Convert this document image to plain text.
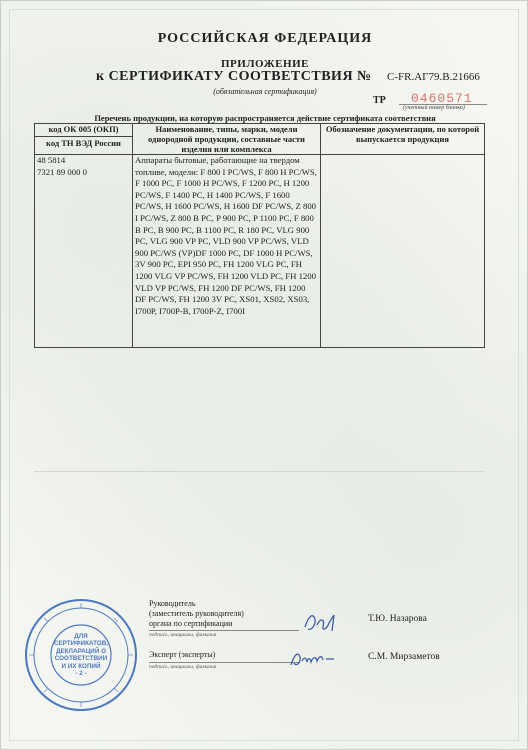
РОССИЙСКАЯ ФЕДЕРАЦИЯ
ПРИЛОЖЕНИЕ
к СЕРТИФИКАТУ СООТВЕТСТВИЯ № C-FR.АГ79.В.21666
(обязательная сертификация)
ТР 0460571
(учетный номер бланка)
Перечень продукции, на которую распространяется действие сертификата соответствия
код ОК 005 (ОКП)
код ТН ВЭД России	Наименование, типы, марки, модели однородной продукции, составные части изделия или комплекса	Обозначение документации, по которой выпускается продукция

48 5814
7321 89 000 0	Аппараты бытовые, работающие на твердом топливе, модели: F 800 I PC/WS, F 800 H PC/WS, F 1000 PC, F 1000 H PC/WS, F 1200 PC, H 1200 PC/WS, F 1400 PC, H 1400 PC/WS, F 1600 PC/WS, H 1600 PC/WS, H 1600 DF PC/WS, Z 800 I PC/WS, Z 800 B PC, P 900 PC, P 1100 PC, F 800 B PC, B 900 PC, B 1100 PC, R 180 PC, VLG 900 PC, VLG 900 VP PC, VLD 900 VP PC/WS, VLD 900 PC/WS (VP)DF 1000 PC, DF 1000 H PC/WS, 3V 900 PC, EPI 950 PC, FH 1200 VLG PC, FH 1200 VLG VP PC/WS, FH 1200 VLD PC, FH 1200 VLD VP PC/WS, FH 1200 DF PC/WS, FH 1200 DF PC/WS, FH 1200 3V PC, XS01, XS02, XS03, I700P, I700P-B, I700P-Z, I700I	
Руководитель
(заместитель руководителя)
органа по сертификации
подпись, инициалы, фамилия
Т.Ю. Назарова
Эксперт (эксперты)
подпись, инициалы, фамилия
С.М. Мирзаметов
ДЛЯ
СЕРТИФИКАТОВ,
ДЕКЛАРАЦИЙ О
СООТВЕТСТВИИ
И ИХ КОПИЙ
- 2 -
